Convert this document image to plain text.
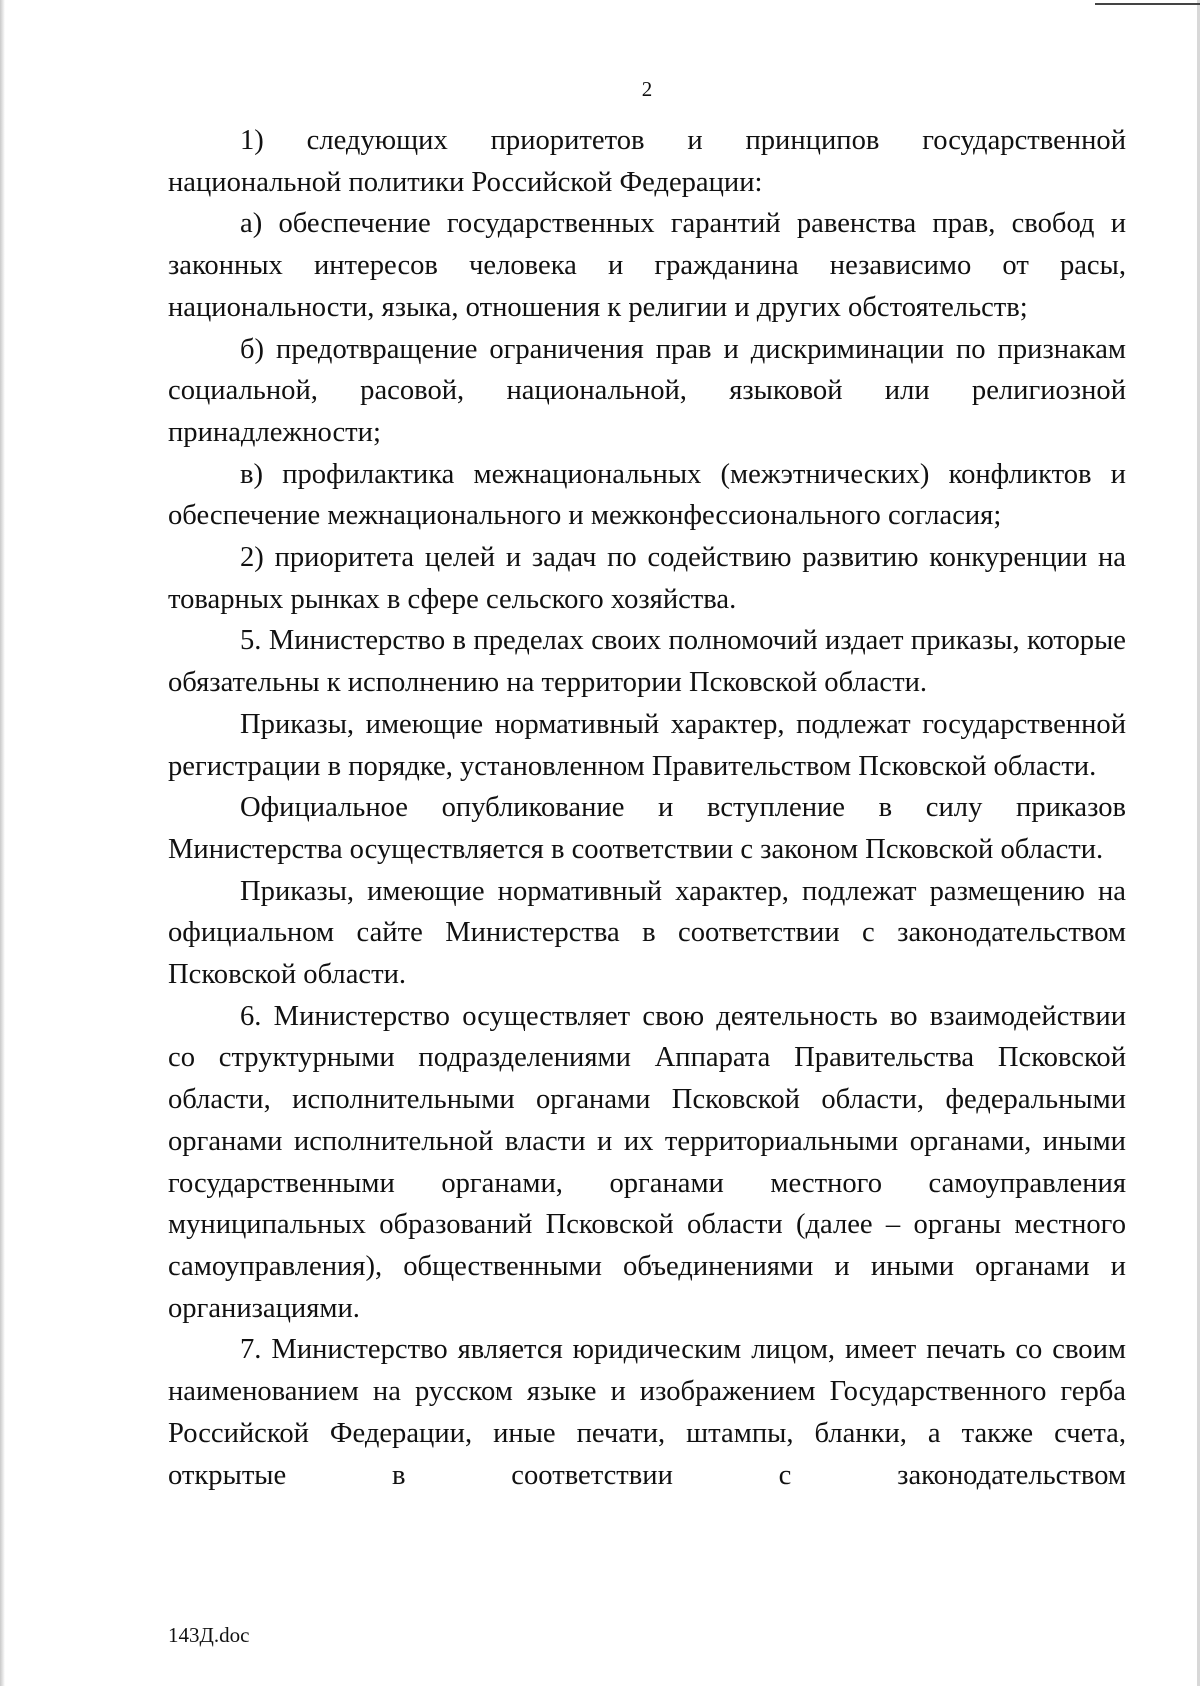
2

1) следующих приоритетов и принципов государственной национальной политики Российской Федерации:

а) обеспечение государственных гарантий равенства прав, свобод и законных интересов человека и гражданина независимо от расы, национальности, языка, отношения к религии и других обстоятельств;

б) предотвращение ограничения прав и дискриминации по признакам социальной, расовой, национальной, языковой или религиозной принадлежности;

в) профилактика межнациональных (межэтнических) конфликтов и обеспечение межнационального и межконфессионального согласия;

2) приоритета целей и задач по содействию развитию конкуренции на товарных рынках в сфере сельского хозяйства.

5. Министерство в пределах своих полномочий издает приказы, которые обязательны к исполнению на территории Псковской области.

Приказы, имеющие нормативный характер, подлежат государственной регистрации в порядке, установленном Правительством Псковской области.

Официальное опубликование и вступление в силу приказов Министерства осуществляется в соответствии с законом Псковской области.

Приказы, имеющие нормативный характер, подлежат размещению на официальном сайте Министерства в соответствии с законодательством Псковской области.

6. Министерство осуществляет свою деятельность во взаимодействии со структурными подразделениями Аппарата Правительства Псковской области, исполнительными органами Псковской области, федеральными органами исполнительной власти и их территориальными органами, иными государственными органами, органами местного самоуправления муниципальных образований Псковской области (далее – органы местного самоуправления), общественными объединениями и иными органами и организациями.

7. Министерство является юридическим лицом, имеет печать со своим наименованием на русском языке и изображением Государственного герба Российской Федерации, иные печати, штампы, бланки, а также счета, открытые в соответствии с законодательством

143Д.doc
